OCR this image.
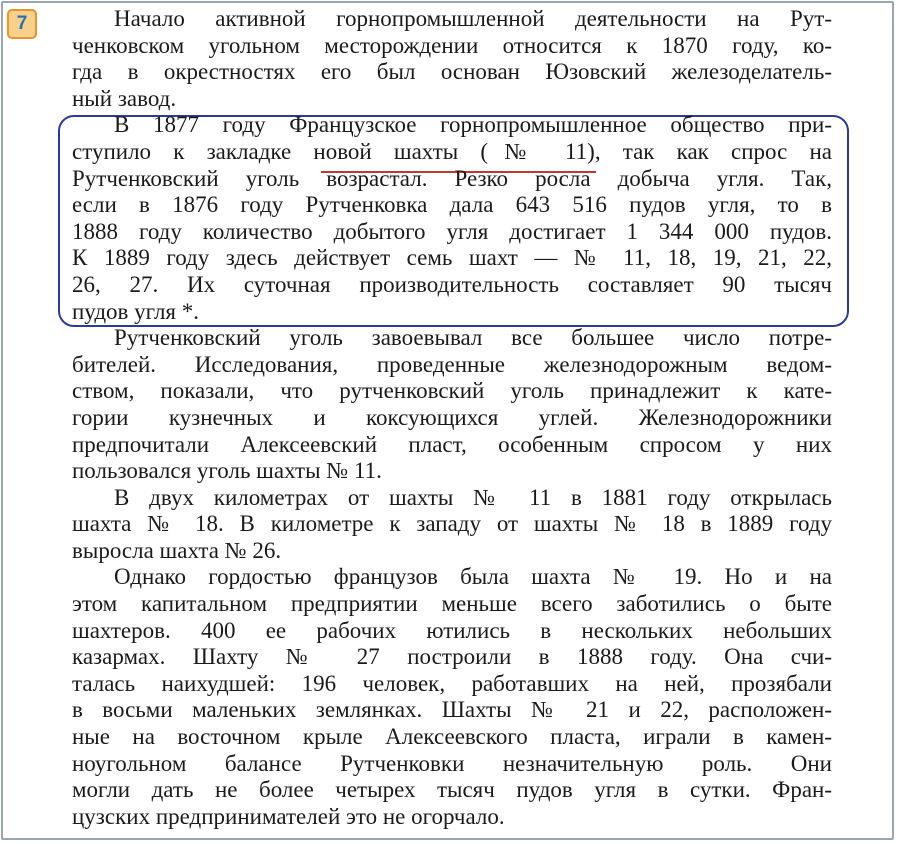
7	Начало активной горнопромышленной деятельности на Рут-
ченковском угольном месторождении относится к 1870 году, ко-
гда в окрестностях его был основан Юзовский железоделатель-
ный завод.
В 1877 году Французское горнопромышленное общество при-
ступило к закладке новой шахты (№ 11), так как спрос на
Рутченковский уголь возрастал. Резко росла добыча угля. Так,
если в 1876 году Рутченковка дала 643 516 пудов угля, то в
1888 году количество добытого угля достигает 1 344 000 пудов.
К 1889 году здесь действует семь шахт — № 11, 18, 19, 21, 22,
26, 27. Их суточная производительность составляет 90 тысяч
пудов угля *.
Рутченковский уголь завоевывал все большее число потре-
бителей. Исследования, проведенные железнодорожным ведом-
ством, показали, что рутченковский уголь принадлежит к кате-
гории кузнечных и коксующихся углей. Железнодорожники
предпочитали Алексеевский пласт, особенным спросом у них
пользовался уголь шахты № 11.
В двух километрах от шахты № 11 в 1881 году открылась
шахта № 18. В километре к западу от шахты № 18 в 1889 году
выросла шахта № 26.
Однако гордостью французов была шахта № 19. Но и на
этом капитальном предприятии меньше всего заботились о быте
шахтеров. 400 ее рабочих ютились в нескольких небольших
казармах. Шахту № 27 построили в 1888 году. Она счи-
талась наихудшей: 196 человек, работавших на ней, прозябали
в восьми маленьких землянках. Шахты № 21 и 22, расположен-
ные на восточном крыле Алексеевского пласта, играли в камен-
ноугольном балансе Рутченковки незначительную роль. Они
могли дать не более четырех тысяч пудов угля в сутки. Фран-
цузских предпринимателей это не огорчало.
